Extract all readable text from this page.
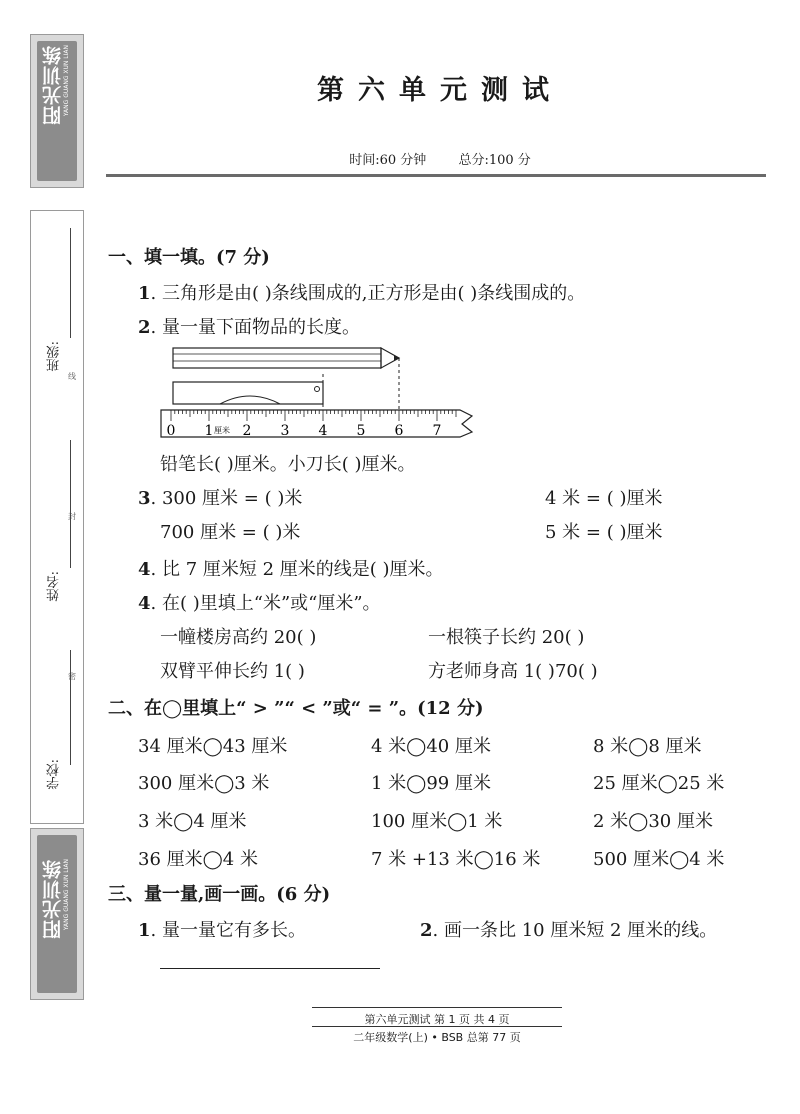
阳光训练 YANG GUANG XUN LIAN
班级:
姓名:
学校:
线
封
密
阳光训练 YANG GUANG XUN LIAN
第六单元测试
时间:60 分钟 总分:100 分
一、填一填。(7 分)
1. 三角形是由( )条线围成的,正方形是由( )条线围成的。
2. 量一量下面物品的长度。
0 1 2 3 4 5 6 7
厘米
铅笔长( )厘米。小刀长( )厘米。
3. 300 厘米 = ( )米	4 米 = ( )厘米
700 厘米 = ( )米	5 米 = ( )厘米
4. 比 7 厘米短 2 厘米的线是( )厘米。
4. 在( )里填上“米”或“厘米”。
一幢楼房高约 20( )	一根筷子长约 20( )
双臂平伸长约 1( )	方老师身高 1( )70( )
二、在◯里填上“ > ”“ < ”或“ = ”。(12 分)
34 厘米◯43 厘米	4 米◯40 厘米	8 米◯8 厘米
300 厘米◯3 米	1 米◯99 厘米	25 厘米◯25 米
3 米◯4 厘米	100 厘米◯1 米	2 米◯30 厘米
36 厘米◯4 米	7 米 +13 米◯16 米	500 厘米◯4 米
三、量一量,画一画。(6 分)
1. 量一量它有多长。	2. 画一条比 10 厘米短 2 厘米的线。
第六单元测试 第 1 页 共 4 页
二年级数学(上) • BSB 总第 77 页
